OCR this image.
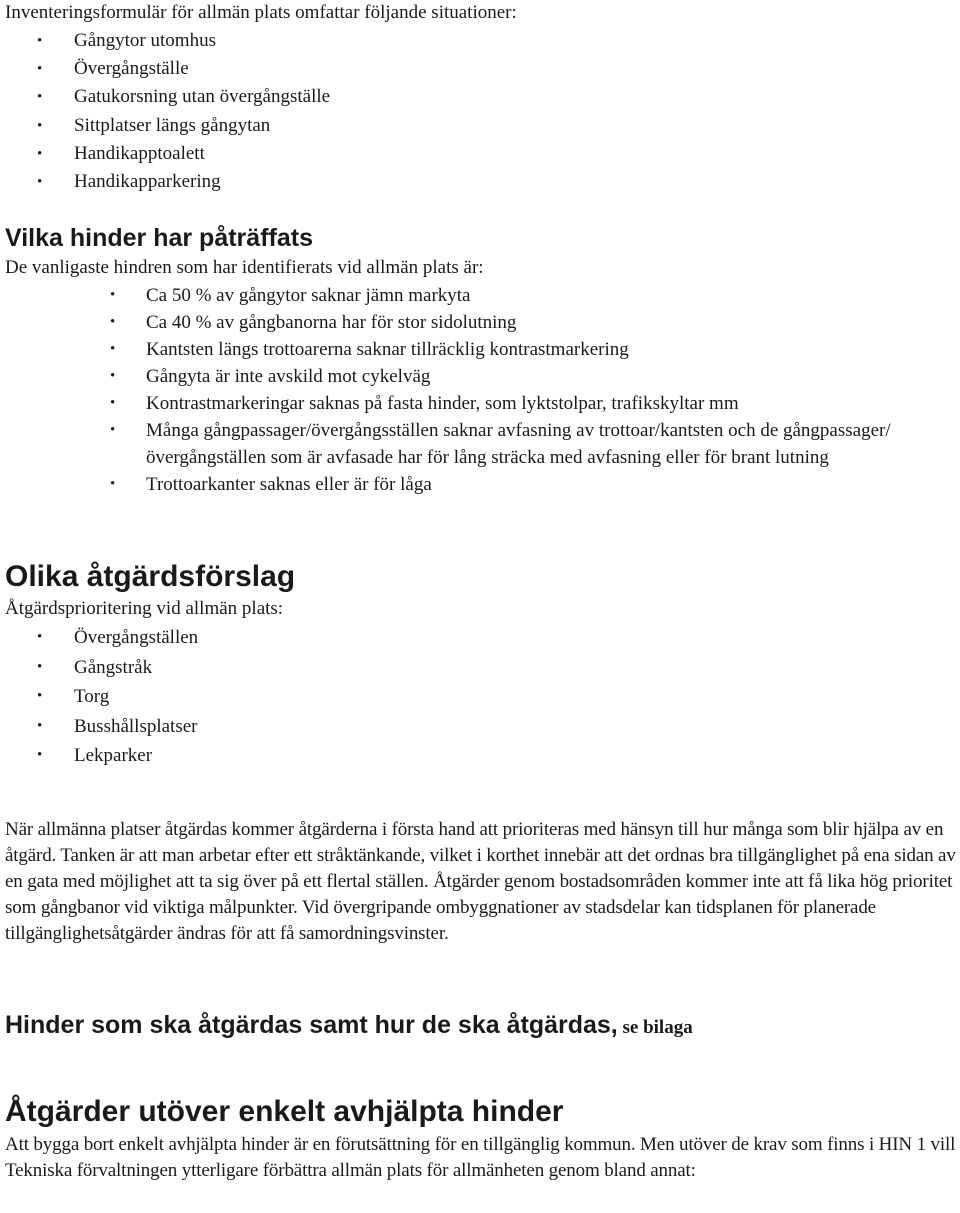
Inventeringsformulär för allmän plats omfattar följande situationer:

• Gångytor utomhus
• Övergångställe
• Gatukorsning utan övergångställe
• Sittplatser längs gångytan
• Handikapptoalett
• Handikapparkering
Vilka hinder har påträffats

De vanligaste hindren som har identifierats vid allmän plats är:

• Ca 50 % av gångytor saknar jämn markyta
• Ca 40 % av gångbanorna har för stor sidolutning
• Kantsten längs trottoarerna saknar tillräcklig kontrastmarkering
• Gångyta är inte avskild mot cykelväg
• Kontrastmarkeringar saknas på fasta hinder, som lyktstolpar, trafikskyltar mm
• Många gångpassager/övergångsställen saknar avfasning av trottoar/kantsten och de gångpassager/övergångställen som är avfasade har för lång sträcka med avfasning eller för brant lutning
• Trottoarkanter saknas eller är för låga
Olika åtgärdsförslag

Åtgärdsprioritering vid allmän plats:

• Övergångställen
• Gångstråk
• Torg
• Busshållsplatser
• Lekparker

När allmänna platser åtgärdas kommer åtgärderna i första hand att prioriteras med hänsyn till hur många som blir hjälpa av en åtgärd. Tanken är att man arbetar efter ett stråktänkande, vilket i korthet innebär att det ordnas bra tillgänglighet på ena sidan av en gata med möjlighet att ta sig över på ett flertal ställen. Åtgärder genom bostadsområden kommer inte att få lika hög prioritet som gångbanor vid viktiga målpunkter. Vid övergripande ombyggnationer av stadsdelar kan tidsplanen för planerade tillgänglighetsåtgärder ändras för att få samordningsvinster.

Hinder som ska åtgärdas samt hur de ska åtgärdas, se bilaga
Åtgärder utöver enkelt avhjälpta hinder

Att bygga bort enkelt avhjälpta hinder är en förutsättning för en tillgänglig kommun. Men utöver de krav som finns i HIN 1 vill Tekniska förvaltningen ytterligare förbättra allmän plats för allmänheten genom bland annat:
